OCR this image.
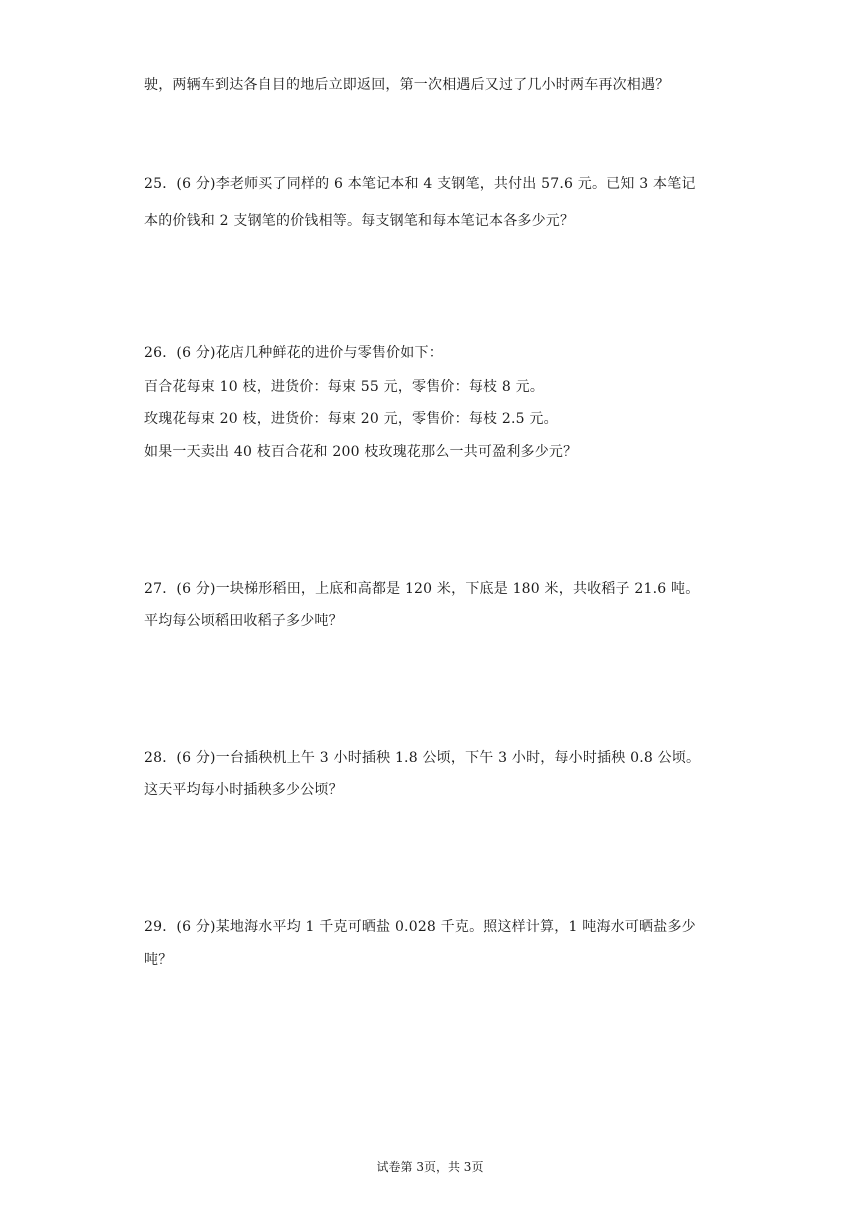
驶，两辆车到达各自目的地后立即返回，第一次相遇后又过了几小时两车再次相遇？
25．(6 分)李老师买了同样的 6 本笔记本和 4 支钢笔，共付出 57.6 元。已知 3 本笔记
本的价钱和 2 支钢笔的价钱相等。每支钢笔和每本笔记本各多少元？
26．(6 分)花店几种鲜花的进价与零售价如下：
百合花每束 10 枝，进货价：每束 55 元，零售价：每枝 8 元。
玫瑰花每束 20 枝，进货价：每束 20 元，零售价：每枝 2.5 元。
如果一天卖出 40 枝百合花和 200 枝玫瑰花那么一共可盈利多少元？
27．(6 分)一块梯形稻田，上底和高都是 120 米，下底是 180 米，共收稻子 21.6 吨。
平均每公顷稻田收稻子多少吨？
28．(6 分)一台插秧机上午 3 小时插秧 1.8 公顷，下午 3 小时，每小时插秧 0.8 公顷。
这天平均每小时插秧多少公顷？
29．(6 分)某地海水平均 1 千克可晒盐 0.028 千克。照这样计算，1 吨海水可晒盐多少
吨？
试卷第 3页，共 3页
